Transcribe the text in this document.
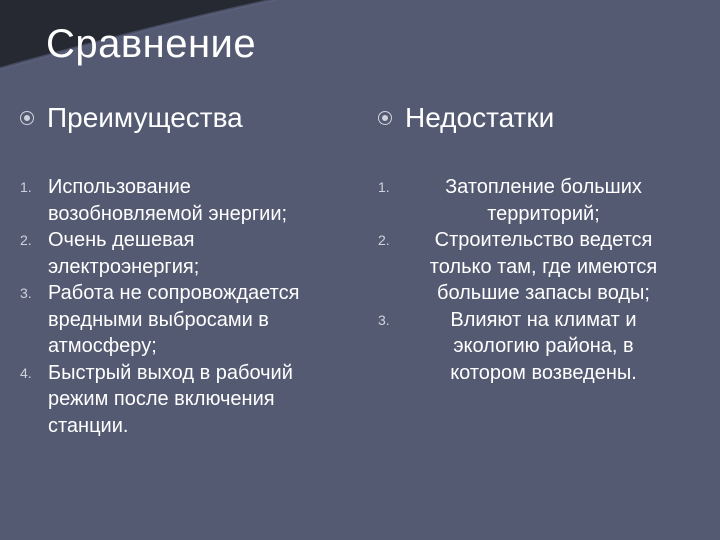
Сравнение
Преимущества
1. Использование
возобновляемой энергии;
2. Очень дешевая
электроэнергия;
3. Работа не сопровождается
вредными выбросами в
атмосферу;
4. Быстрый выход в рабочий
режим после включения
станции.
Недостатки
1.	Затопление больших
территорий;
2.	Строительство ведется
только там, где имеются
большие запасы воды;
3.	Влияют на климат и
экологию района, в
котором возведены.
